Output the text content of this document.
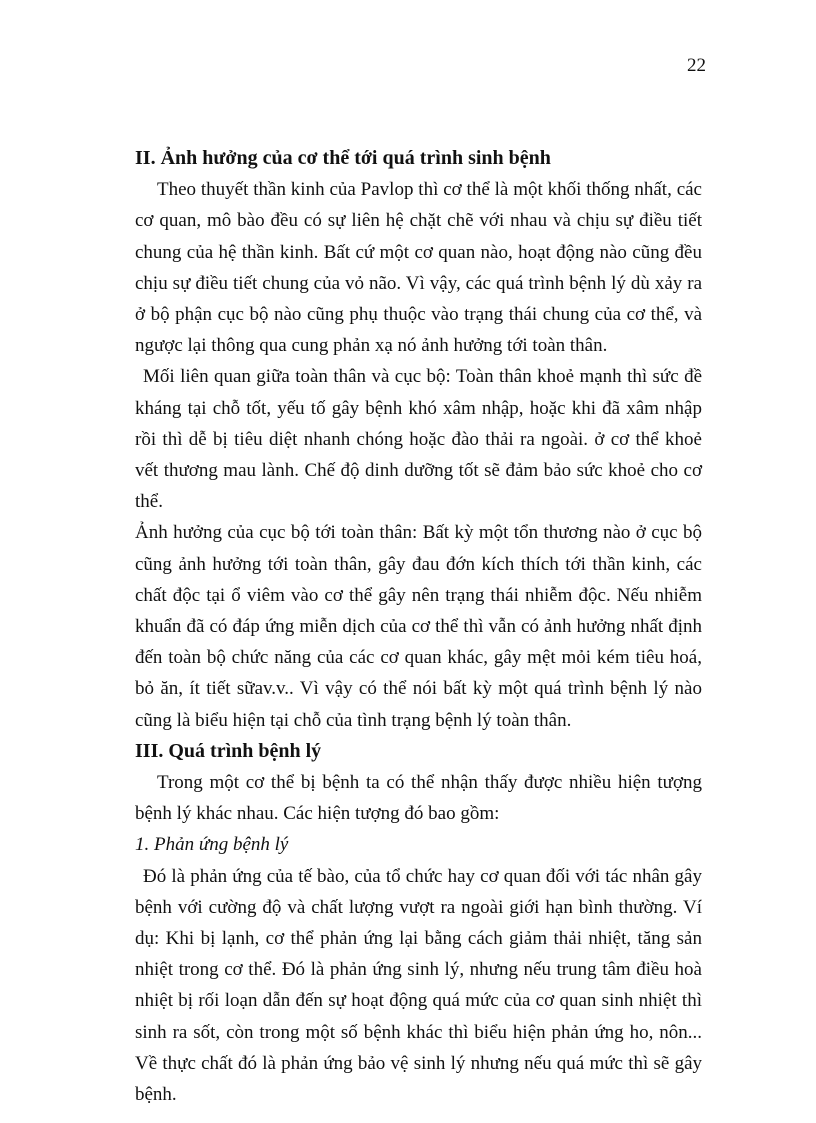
22
II. Ảnh hưởng của cơ thể tới quá trình sinh bệnh

Theo thuyết thần kinh của Pavlop thì cơ thể là một khối thống nhất, các cơ quan, mô bào đều có sự liên hệ chặt chẽ với nhau và chịu sự điều tiết chung của hệ thần kinh. Bất cứ một cơ quan nào, hoạt động nào cũng đều chịu sự điều tiết chung của vỏ não. Vì vậy, các quá trình bệnh lý dù xảy ra ở bộ phận cục bộ nào cũng phụ thuộc vào trạng thái chung của cơ thể, và ngược lại thông qua cung phản xạ nó ảnh hưởng tới toàn thân.

Mối liên quan giữa toàn thân và cục bộ: Toàn thân khoẻ mạnh thì sức đề kháng tại chỗ tốt, yếu tố gây bệnh khó xâm nhập, hoặc khi đã xâm nhập rồi thì dễ bị tiêu diệt nhanh chóng hoặc đào thải ra ngoài. ở cơ thể khoẻ vết thương mau lành. Chế độ dinh dưỡng tốt sẽ đảm bảo sức khoẻ cho cơ thể.

Ảnh hưởng của cục bộ tới toàn thân: Bất kỳ một tổn thương nào ở cục bộ cũng ảnh hưởng tới toàn thân, gây đau đớn kích thích tới thần kinh, các chất độc tại ổ viêm vào cơ thể gây nên trạng thái nhiễm độc. Nếu nhiễm khuẩn đã có đáp ứng miễn dịch của cơ thể thì vẫn có ảnh hưởng nhất định đến toàn bộ chức năng của các cơ quan khác, gây mệt mỏi kém tiêu hoá, bỏ ăn, ít tiết sữav.v.. Vì vậy có thể nói bất kỳ một quá trình bệnh lý nào cũng là biểu hiện tại chỗ của tình trạng bệnh lý toàn thân.

III. Quá trình bệnh lý

Trong một cơ thể bị bệnh ta có thể nhận thấy được nhiều hiện tượng bệnh lý khác nhau. Các hiện tượng đó bao gồm:

1. Phản ứng bệnh lý

Đó là phản ứng của tế bào, của tổ chức hay cơ quan đối với tác nhân gây bệnh với cường độ và chất lượng vượt ra ngoài giới hạn bình thường. Ví dụ: Khi bị lạnh, cơ thể phản ứng lại bằng cách giảm thải nhiệt, tăng sản nhiệt trong cơ thể. Đó là phản ứng sinh lý, nhưng nếu trung tâm điều hoà nhiệt bị rối loạn dẫn đến sự hoạt động quá mức của cơ quan sinh nhiệt thì sinh ra sốt, còn trong một số bệnh khác thì biểu hiện phản ứng ho, nôn... Về thực chất đó là phản ứng bảo vệ sinh lý nhưng nếu quá mức thì sẽ gây bệnh.
